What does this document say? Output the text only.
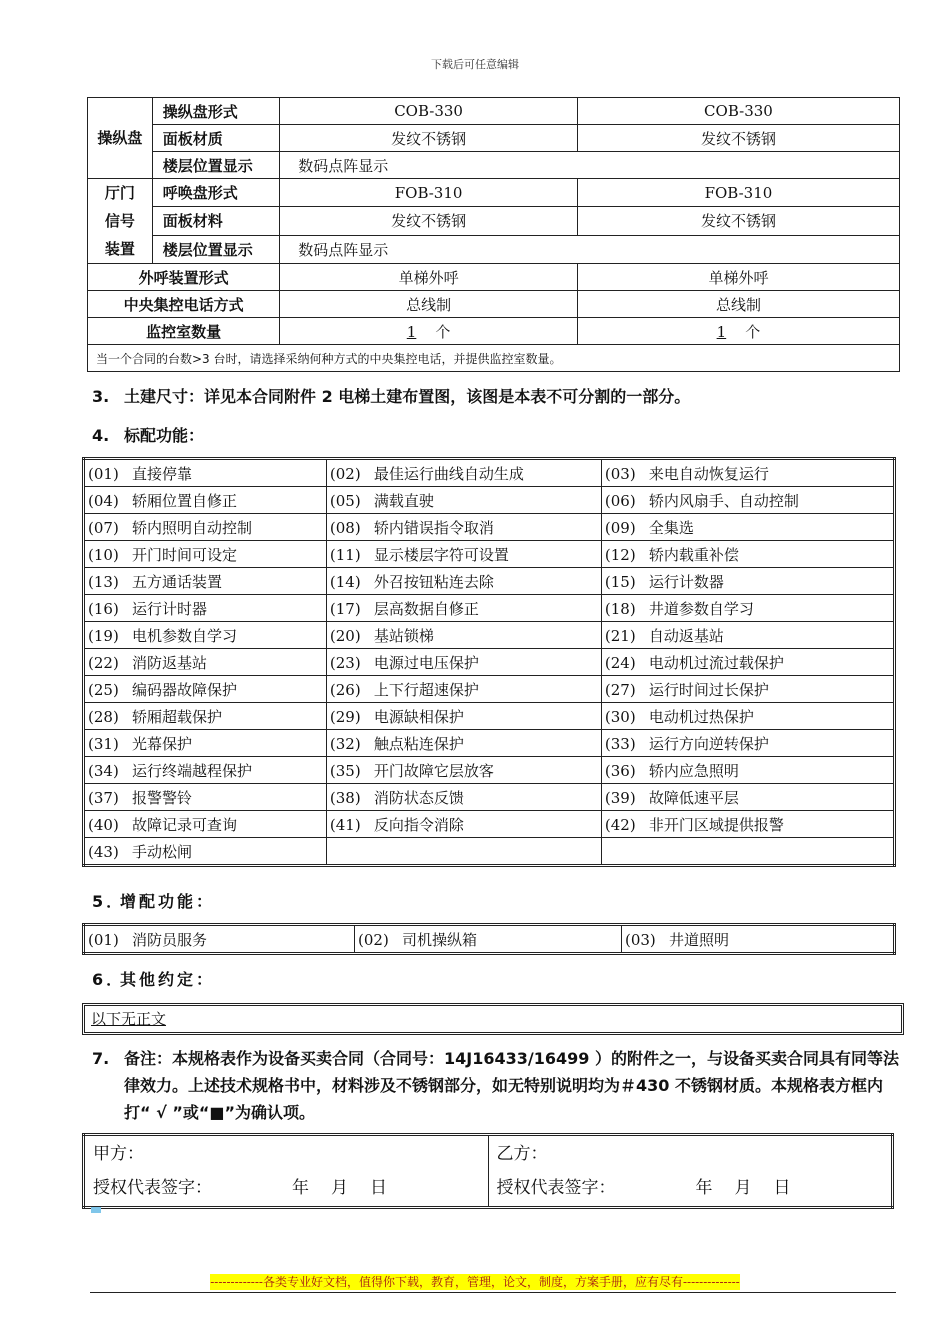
下载后可任意编辑
操纵盘	操纵盘形式	COB-330	COB-330
	面板材质	发纹不锈钢	发纹不锈钢
	楼层位置显示	数码点阵显示	

厅门
信号
装置	呼唤盘形式	FOB-310	FOB-310
	面板材料	发纹不锈钢	发纹不锈钢
	楼层位置显示	数码点阵显示	
外呼装置形式		单梯外呼	单梯外呼
中央集控电话方式		总线制	总线制
监控室数量		1 个	1 个
当一个合同的台数>3 台时，请选择采纳何种方式的中央集控电话，并提供监控室数量。			
3. 土建尺寸：详见本合同附件 2 电梯土建布置图，该图是本表不可分割的一部分。
4. 标配功能：
(01) 直接停靠	(02) 最佳运行曲线自动生成	(03) 来电自动恢复运行
(04) 轿厢位置自修正	(05) 满载直驶	(06) 轿内风扇手、自动控制
(07) 轿内照明自动控制	(08) 轿内错误指令取消	(09) 全集选
(10) 开门时间可设定	(11) 显示楼层字符可设置	(12) 轿内载重补偿
(13) 五方通话装置	(14) 外召按钮粘连去除	(15) 运行计数器
(16) 运行计时器	(17) 层高数据自修正	(18) 井道参数自学习
(19) 电机参数自学习	(20) 基站锁梯	(21) 自动返基站
(22) 消防返基站	(23) 电源过电压保护	(24) 电动机过流过载保护
(25) 编码器故障保护	(26) 上下行超速保护	(27) 运行时间过长保护
(28) 轿厢超载保护	(29) 电源缺相保护	(30) 电动机过热保护
(31) 光幕保护	(32) 触点粘连保护	(33) 运行方向逆转保护
(34) 运行终端越程保护	(35) 开门故障它层放客	(36) 轿内应急照明
(37) 报警警铃	(38) 消防状态反馈	(39) 故障低速平层
(40) 故障记录可查询	(41) 反向指令消除	(42) 非开门区域提供报警
(43) 手动松闸		
5．增配功能：
(01) 消防员服务	(02) 司机操纵箱	(03) 井道照明
6．其他约定：
以下无正文
7. 备注：本规格表作为设备买卖合同（合同号：14J16433/16499 ）的附件之一，与设备买卖合同具有同等法律效力。上述技术规格书中，材料涉及不锈钢部分，如无特别说明均为＃430 不锈钢材质。本规格表方框内打“ √ ”或“■”为确认项。
甲方：
授权代表签字：	年 月 日

乙方：
授权代表签字：	年 月 日
-------------各类专业好文档，值得你下载，教育，管理，论文，制度，方案手册，应有尽有--------------
